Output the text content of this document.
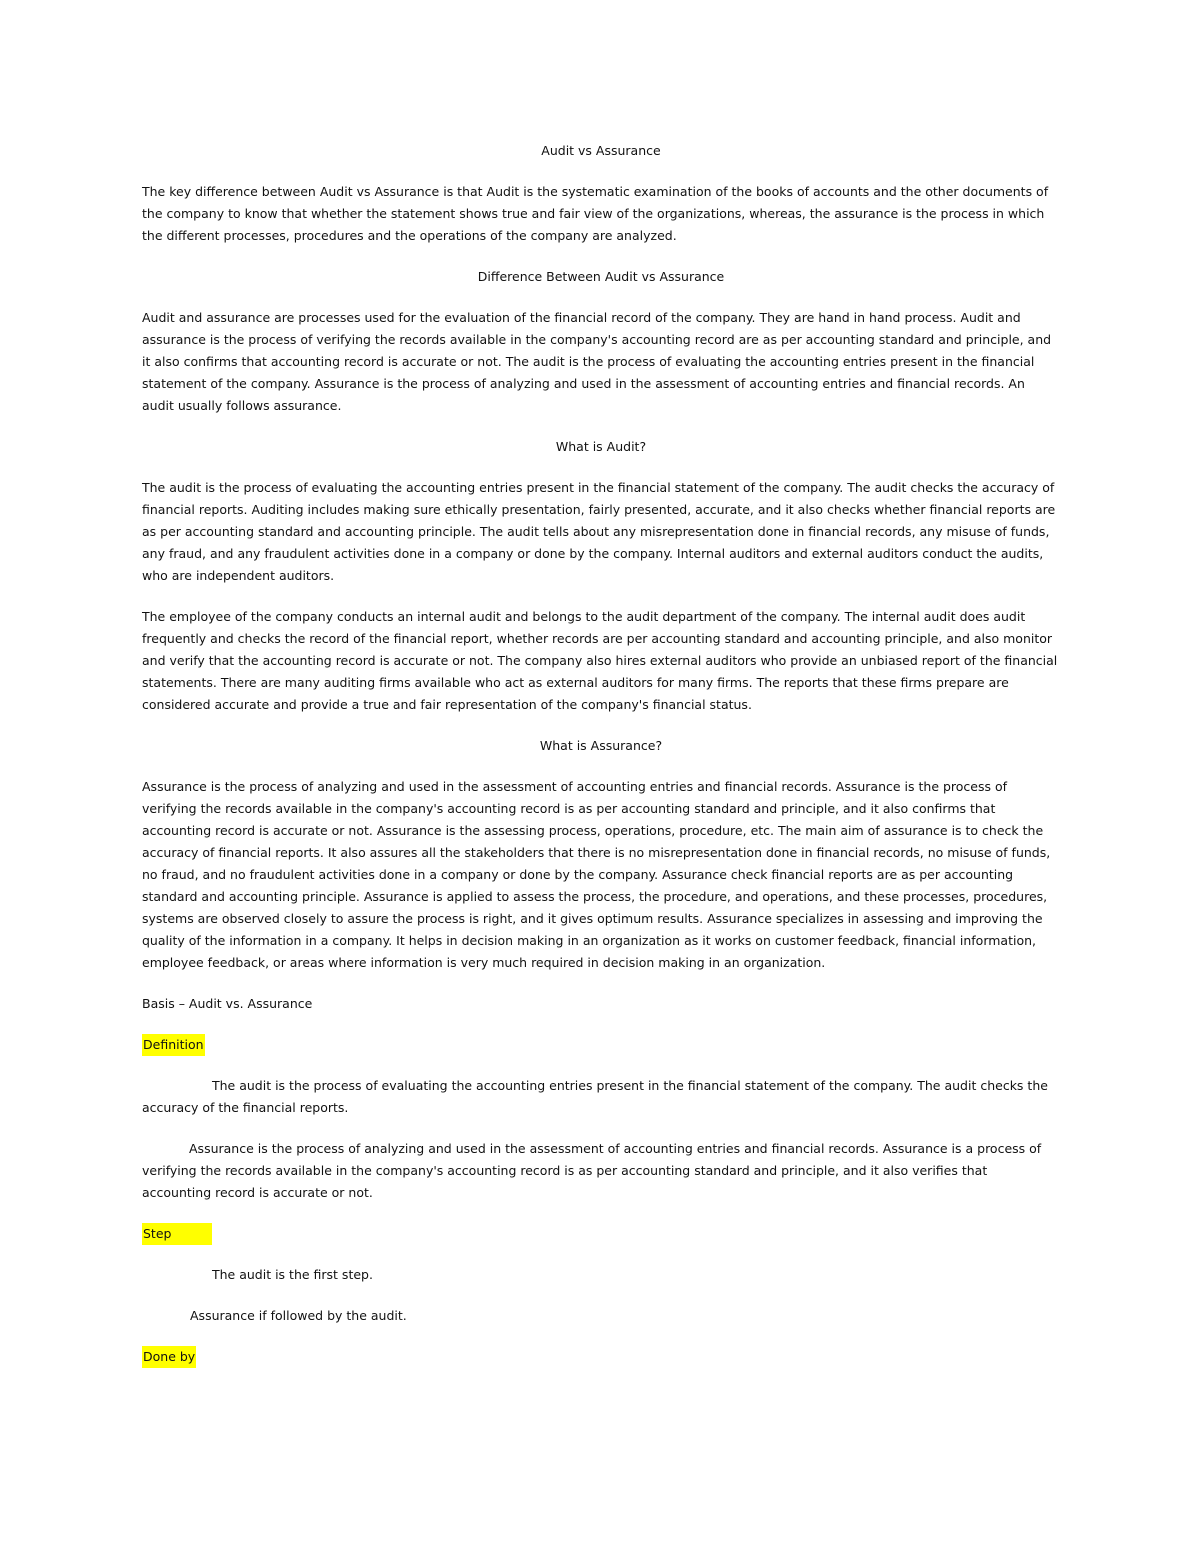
Audit vs Assurance

The key difference between Audit vs Assurance is that Audit is the systematic examination of the books of accounts and the other documents of the company to know that whether the statement shows true and fair view of the organizations, whereas, the assurance is the process in which the different processes, procedures and the operations of the company are analyzed.

Difference Between Audit vs Assurance

Audit and assurance are processes used for the evaluation of the financial record of the company. They are hand in hand process. Audit and assurance is the process of verifying the records available in the company's accounting record are as per accounting standard and principle, and it also confirms that accounting record is accurate or not. The audit is the process of evaluating the accounting entries present in the financial statement of the company. Assurance is the process of analyzing and used in the assessment of accounting entries and financial records. An audit usually follows assurance.

What is Audit?

The audit is the process of evaluating the accounting entries present in the financial statement of the company. The audit checks the accuracy of financial reports. Auditing includes making sure ethically presentation, fairly presented, accurate, and it also checks whether financial reports are as per accounting standard and accounting principle. The audit tells about any misrepresentation done in financial records, any misuse of funds, any fraud, and any fraudulent activities done in a company or done by the company. Internal auditors and external auditors conduct the audits, who are independent auditors.

The employee of the company conducts an internal audit and belongs to the audit department of the company. The internal audit does audit frequently and checks the record of the financial report, whether records are per accounting standard and accounting principle, and also monitor and verify that the accounting record is accurate or not. The company also hires external auditors who provide an unbiased report of the financial statements. There are many auditing firms available who act as external auditors for many firms. The reports that these firms prepare are considered accurate and provide a true and fair representation of the company's financial status.

What is Assurance?

Assurance is the process of analyzing and used in the assessment of accounting entries and financial records. Assurance is the process of verifying the records available in the company's accounting record is as per accounting standard and principle, and it also confirms that accounting record is accurate or not. Assurance is the assessing process, operations, procedure, etc. The main aim of assurance is to check the accuracy of financial reports. It also assures all the stakeholders that there is no misrepresentation done in financial records, no misuse of funds, no fraud, and no fraudulent activities done in a company or done by the company. Assurance check financial reports are as per accounting standard and accounting principle. Assurance is applied to assess the process, the procedure, and operations, and these processes, procedures, systems are observed closely to assure the process is right, and it gives optimum results. Assurance specializes in assessing and improving the quality of the information in a company. It helps in decision making in an organization as it works on customer feedback, financial information, employee feedback, or areas where information is very much required in decision making in an organization.

Basis – Audit vs. Assurance

Definition

The audit is the process of evaluating the accounting entries present in the financial statement of the company. The audit checks the
accuracy of the financial reports.

Assurance is the process of analyzing and used in the assessment of accounting entries and financial records. Assurance is a process of verifying the records available in the company's accounting record is as per accounting standard and principle, and it also verifies that accounting record is accurate or not.

Step

The audit is the first step.

Assurance if followed by the audit.

Done by
